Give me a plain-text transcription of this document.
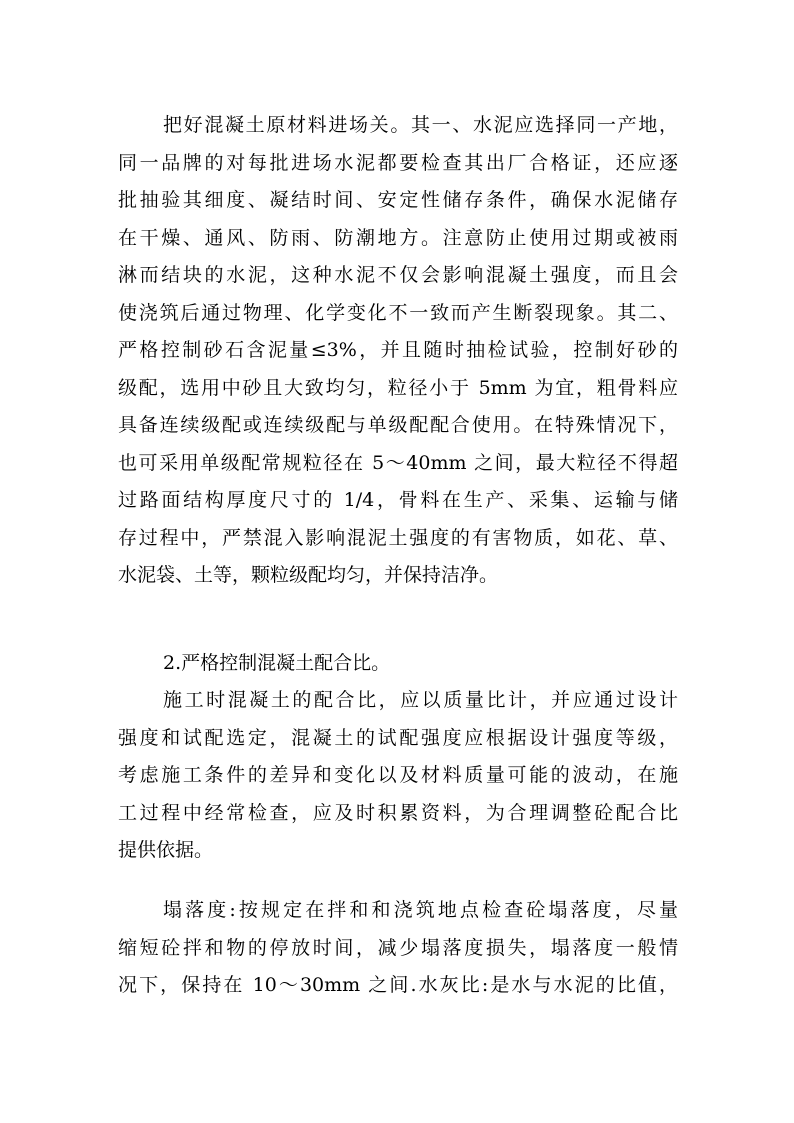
把好混凝土原材料进场关。其一、水泥应选择同一产地，
同一品牌的对每批进场水泥都要检查其出厂合格证，还应逐
批抽验其细度、凝结时间、安定性储存条件，确保水泥储存
在干燥、通风、防雨、防潮地方。注意防止使用过期或被雨
淋而结块的水泥，这种水泥不仅会影响混凝土强度，而且会
使浇筑后通过物理、化学变化不一致而产生断裂现象。其二、
严格控制砂石含泥量≤3%，并且随时抽检试验，控制好砂的
级配，选用中砂且大致均匀，粒径小于 5mm 为宜，粗骨料应
具备连续级配或连续级配与单级配配合使用。在特殊情况下，
也可采用单级配常规粒径在 5～40mm 之间，最大粒径不得超
过路面结构厚度尺寸的 1/4，骨料在生产、采集、运输与储
存过程中，严禁混入影响混泥土强度的有害物质，如花、草、
水泥袋、土等，颗粒级配均匀，并保持洁净。
2.严格控制混凝土配合比。
施工时混凝土的配合比，应以质量比计，并应通过设计
强度和试配选定，混凝土的试配强度应根据设计强度等级，
考虑施工条件的差异和变化以及材料质量可能的波动，在施
工过程中经常检查，应及时积累资料，为合理调整砼配合比
提供依据。
塌落度:按规定在拌和和浇筑地点检查砼塌落度，尽量
缩短砼拌和物的停放时间，减少塌落度损失，塌落度一般情
况下，保持在 10～30mm 之间.水灰比:是水与水泥的比值，
